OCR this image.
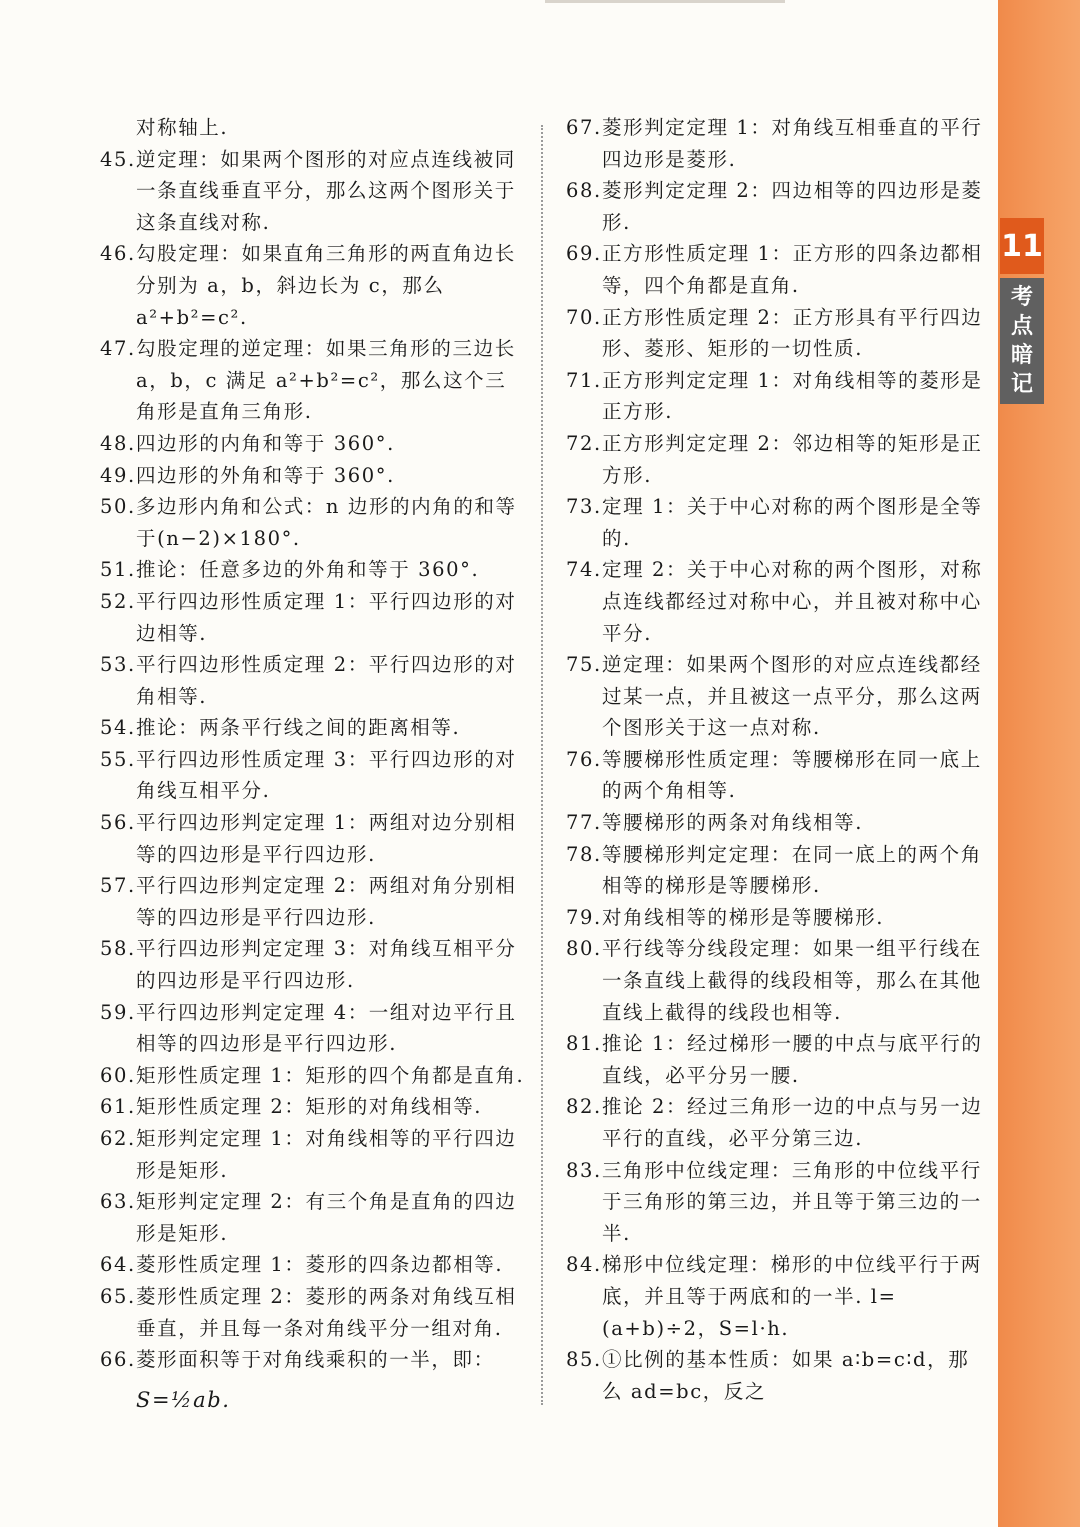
11
考
点
暗
记
对称轴上.
45. 逆定理：如果两个图形的对应点连线被同一条直线垂直平分，那么这两个图形关于这条直线对称.
46. 勾股定理：如果直角三角形的两直角边长分别为 a，b，斜边长为 c，那么 a²+b²=c².
47. 勾股定理的逆定理：如果三角形的三边长 a，b，c 满足 a²+b²=c²，那么这个三角形是直角三角形.
48. 四边形的内角和等于 360°.
49. 四边形的外角和等于 360°.
50. 多边形内角和公式：n 边形的内角的和等于(n−2)×180°.
51. 推论：任意多边的外角和等于 360°.
52. 平行四边形性质定理 1：平行四边形的对边相等.
53. 平行四边形性质定理 2：平行四边形的对角相等.
54. 推论：两条平行线之间的距离相等.
55. 平行四边形性质定理 3：平行四边形的对角线互相平分.
56. 平行四边形判定定理 1：两组对边分别相等的四边形是平行四边形.
57. 平行四边形判定定理 2：两组对角分别相等的四边形是平行四边形.
58. 平行四边形判定定理 3：对角线互相平分的四边形是平行四边形.
59. 平行四边形判定定理 4：一组对边平行且相等的四边形是平行四边形.
60. 矩形性质定理 1：矩形的四个角都是直角.
61. 矩形性质定理 2：矩形的对角线相等.
62. 矩形判定定理 1：对角线相等的平行四边形是矩形.
63. 矩形判定定理 2：有三个角是直角的四边形是矩形.
64. 菱形性质定理 1：菱形的四条边都相等.
65. 菱形性质定理 2：菱形的两条对角线互相垂直，并且每一条对角线平分一组对角.
66. 菱形面积等于对角线乘积的一半，即：
S=½ab.
67. 菱形判定定理 1：对角线互相垂直的平行四边形是菱形.
68. 菱形判定定理 2：四边相等的四边形是菱形.
69. 正方形性质定理 1：正方形的四条边都相等，四个角都是直角.
70. 正方形性质定理 2：正方形具有平行四边形、菱形、矩形的一切性质.
71. 正方形判定定理 1：对角线相等的菱形是正方形.
72. 正方形判定定理 2：邻边相等的矩形是正方形.
73. 定理 1：关于中心对称的两个图形是全等的.
74. 定理 2：关于中心对称的两个图形，对称点连线都经过对称中心，并且被对称中心平分.
75. 逆定理：如果两个图形的对应点连线都经过某一点，并且被这一点平分，那么这两个图形关于这一点对称.
76. 等腰梯形性质定理：等腰梯形在同一底上的两个角相等.
77. 等腰梯形的两条对角线相等.
78. 等腰梯形判定定理：在同一底上的两个角相等的梯形是等腰梯形.
79. 对角线相等的梯形是等腰梯形.
80. 平行线等分线段定理：如果一组平行线在一条直线上截得的线段相等，那么在其他直线上截得的线段也相等.
81. 推论 1：经过梯形一腰的中点与底平行的直线，必平分另一腰.
82. 推论 2：经过三角形一边的中点与另一边平行的直线，必平分第三边.
83. 三角形中位线定理：三角形的中位线平行于三角形的第三边，并且等于第三边的一半.
84. 梯形中位线定理：梯形的中位线平行于两底，并且等于两底和的一半. l=(a+b)÷2，S=l·h.
85. ①比例的基本性质：如果 a∶b=c∶d，那么 ad=bc，反之
